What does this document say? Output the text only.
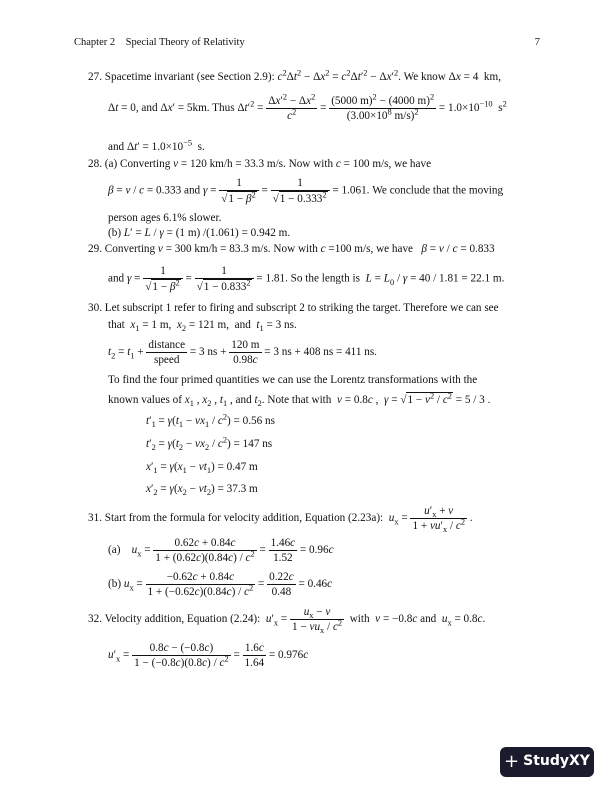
Chapter 2 Special Theory of Relativity	7
27. Spacetime invariant (see Section 2.9): $c^2\Delta t^2 - \Delta x^2 = c^2\Delta t'^2 - \Delta x'^2$. We know Δx = 4  km,
Δt = 0, and Δx′ = 5km. Thus $\Delta t'^2 = \frac{\Delta x'^2 - \Delta x^2}{c^2} = \frac{(5000 m)^2 - (4000 m)^2}{(3.00\times 10^8 m/s)^2} = 1.0\times 10^{-10}$  $s^2$
and $\Delta t' = 1.0\times 10^{-5}$  s.
28. (a) Converting v = 120 km/h = 33.3 m/s. Now with c = 100 m/s, we have
β = v / c = 0.333 and $\gamma = \frac{1}{√1 - \beta^2} = \frac{1}{√1 - 0.333^2} = 1.061$. We conclude that the moving
person ages 6.1% slower.
(b) L′ = L / γ = (1 m) /(1.061) = 0.942 m.
29. Converting v = 300 km/h = 83.3 m/s. Now with c =100 m/s, we have β = v / c = 0.833
and $\gamma = \frac{1}{√1 - \beta^2} = \frac{1}{√1 - 0.833^2} = 1.81$. So the length is $L = L_0 / \gamma = 40 / 1.81 = 22.1$ m.
30. Let subscript 1 refer to firing and subscript 2 to striking the target. Therefore we can see
that $x_1 = 1$ m,  $x_2 = 121$ m,  and  $t_1 = 3$ ns.
$t_2 = t_1 + \frac{\text{distance}}{\text{speed}} = 3$ ns + $\frac{120 m}{0.98c} = 3$ ns + 408 ns = 411 ns.
To find the four primed quantities we can use the Lorentz transformations with the
known values of $x_1$ , $x_2$ , $t_1$ , and $t_2$. Note that with v = 0.8c ,  $\gamma = √1 - v^2 / c^2 = 5 / 3$ .
$t'_1 = \gamma(t_1 - vx_1 / c^2) = 0.56$ ns
$t'_2 = \gamma(t_2 - vx_2 / c^2) = 147$ ns
$x'_1 = \gamma(x_1 - vt_1) = 0.47$ m
$x'_2 = \gamma(x_2 - vt_2) = 37.3$ m
31. Start from the formula for velocity addition, Equation (2.23a): $u_x = \frac{u'_x + v}{1 + vu'_x / c^2}$ .
(a) $u_x = \frac{0.62c + 0.84c}{1 + (0.62c)(0.84c) / c^2} = \frac{1.46c}{1.52} = 0.96c$
(b) $u_x = \frac{-0.62c + 0.84c}{1 + (-0.62c)(0.84c) / c^2} = \frac{0.22c}{0.48} = 0.46c$
32. Velocity addition, Equation (2.24): $u'_x = \frac{u_x - v}{1 - vu_x / c^2}$ with v = −0.8c and $u_x = 0.8c$.
$u'_x = \frac{0.8c - (-0.8c)}{1 - (-0.8c)(0.8c) / c^2} = \frac{1.6c}{1.64} = 0.976c$
+ StudyXY
